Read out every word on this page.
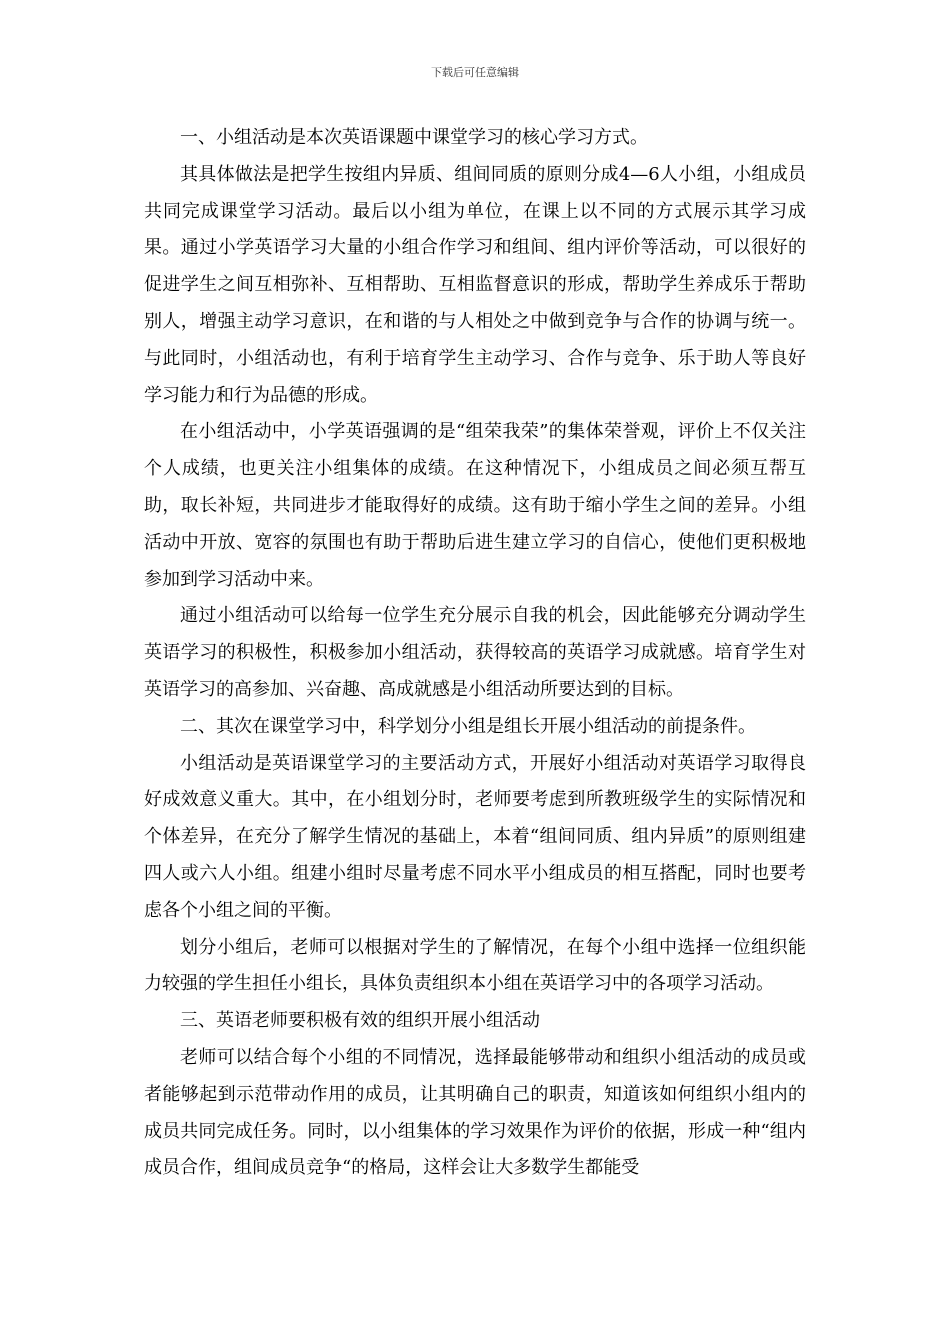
下载后可任意编辑

一、小组活动是本次英语课题中课堂学习的核心学习方式。

其具体做法是把学生按组内异质、组间同质的原则分成4—6人小组，小组成员共同完成课堂学习活动。最后以小组为单位，在课上以不同的方式展示其学习成果。通过小学英语学习大量的小组合作学习和组间、组内评价等活动，可以很好的促进学生之间互相弥补、互相帮助、互相监督意识的形成，帮助学生养成乐于帮助别人，增强主动学习意识，在和谐的与人相处之中做到竞争与合作的协调与统一。与此同时，小组活动也，有利于培育学生主动学习、合作与竞争、乐于助人等良好学习能力和行为品德的形成。

在小组活动中，小学英语强调的是“组荣我荣”的集体荣誉观，评价上不仅关注个人成绩，也更关注小组集体的成绩。在这种情况下，小组成员之间必须互帮互助，取长补短，共同进步才能取得好的成绩。这有助于缩小学生之间的差异。小组活动中开放、宽容的氛围也有助于帮助后进生建立学习的自信心，使他们更积极地参加到学习活动中来。

通过小组活动可以给每一位学生充分展示自我的机会，因此能够充分调动学生英语学习的积极性，积极参加小组活动，获得较高的英语学习成就感。培育学生对英语学习的高参加、兴奋趣、高成就感是小组活动所要达到的目标。

二、其次在课堂学习中，科学划分小组是组长开展小组活动的前提条件。

小组活动是英语课堂学习的主要活动方式，开展好小组活动对英语学习取得良好成效意义重大。其中，在小组划分时，老师要考虑到所教班级学生的实际情况和个体差异，在充分了解学生情况的基础上，本着“组间同质、组内异质”的原则组建四人或六人小组。组建小组时尽量考虑不同水平小组成员的相互搭配，同时也要考虑各个小组之间的平衡。

划分小组后，老师可以根据对学生的了解情况，在每个小组中选择一位组织能力较强的学生担任小组长，具体负责组织本小组在英语学习中的各项学习活动。

三、英语老师要积极有效的组织开展小组活动

老师可以结合每个小组的不同情况，选择最能够带动和组织小组活动的成员或者能够起到示范带动作用的成员，让其明确自己的职责，知道该如何组织小组内的成员共同完成任务。同时，以小组集体的学习效果作为评价的依据，形成一种“组内成员合作，组间成员竞争“的格局，这样会让大多数学生都能受
